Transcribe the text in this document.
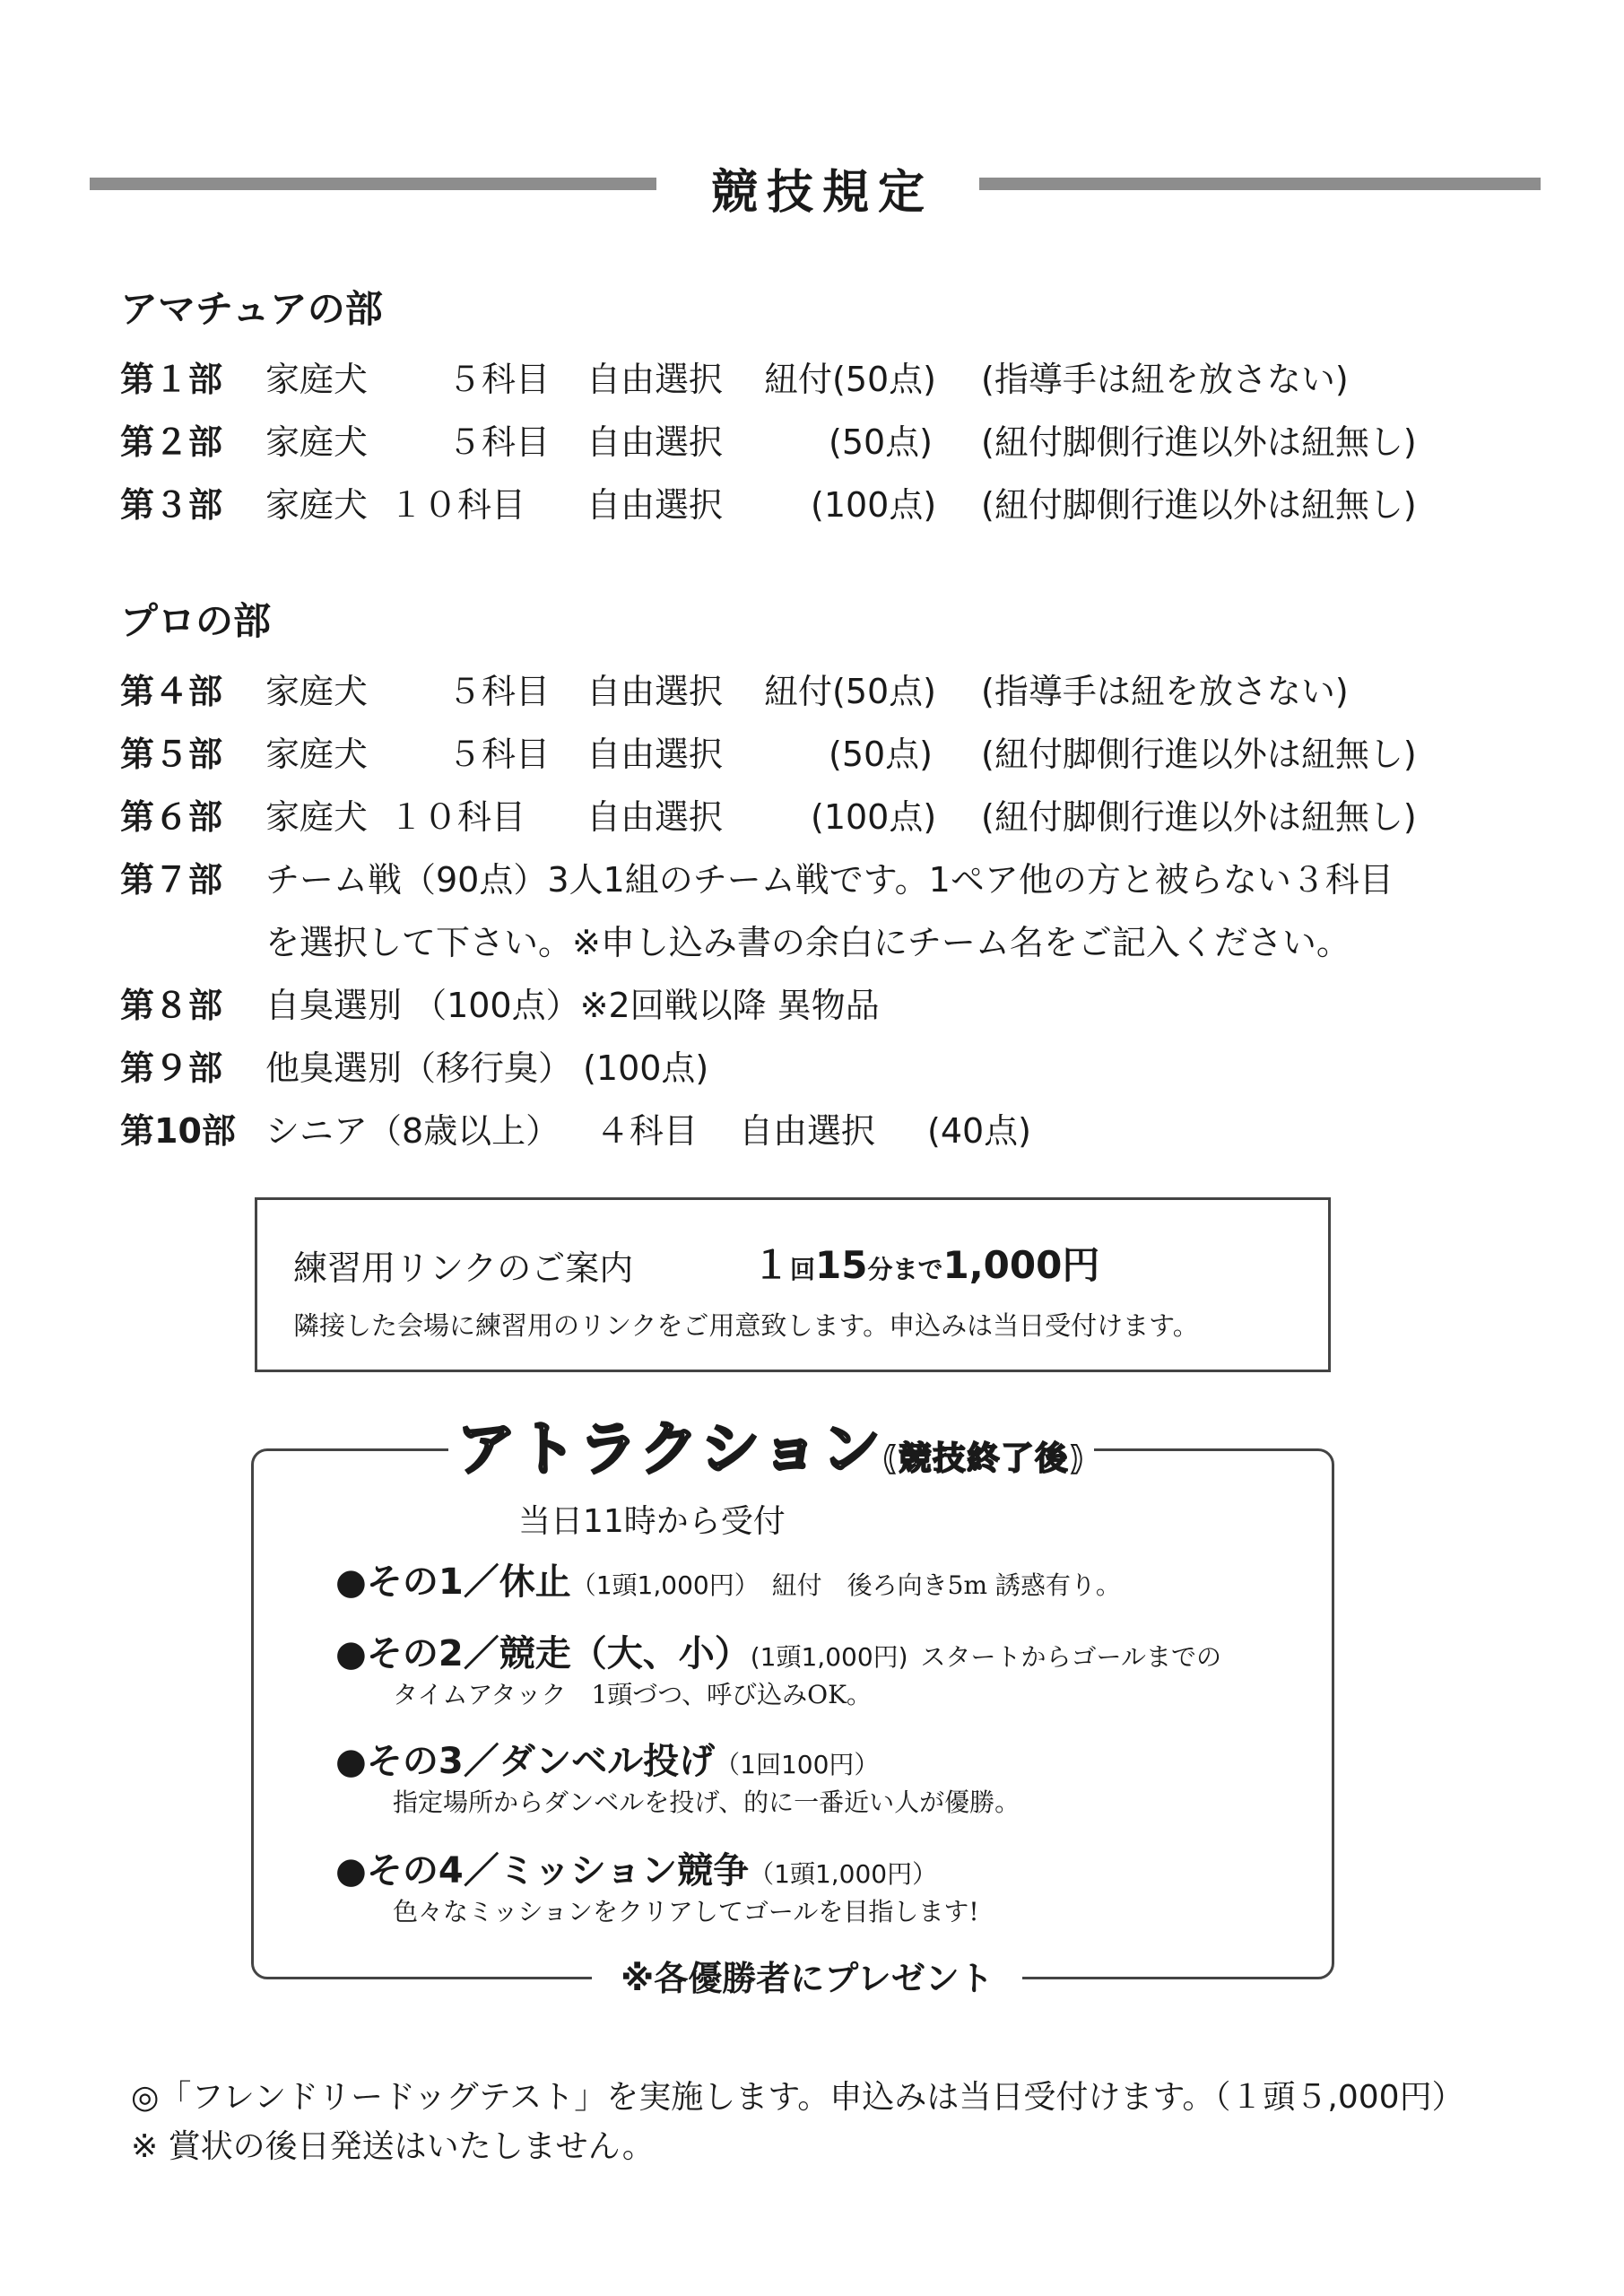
競技規定
アマチュアの部
第１部 家庭犬 ５科目 自由選択 紐付(50点) (指導手は紐を放さない)
第２部 家庭犬 ５科目 自由選択	(50点) (紐付脚側行進以外は紐無し)
第３部 家庭犬 １０科目 自由選択	(100点) (紐付脚側行進以外は紐無し)
プロの部
第４部 家庭犬 ５科目 自由選択 紐付(50点) (指導手は紐を放さない)
第５部 家庭犬 ５科目 自由選択	(50点) (紐付脚側行進以外は紐無し)
第６部 家庭犬 １０科目 自由選択	(100点) (紐付脚側行進以外は紐無し)
第７部 チーム戦（90点）3人1組のチーム戦です。1ペア他の方と被らない３科目
を選択して下さい。※申し込み書の余白にチーム名をご記入ください。
第８部 自臭選別 （100点）※2回戦以降 異物品
第９部 他臭選別（移行臭） (100点)
第10部 シニア（8歳以上） ４科目 自由選択 (40点)
練習用リンクのご案内	１回15分まで1,000円
隣接した会場に練習用のリンクをご用意致します。申込みは当日受付けます。
アトラクション(競技終了後)
当日11時から受付
●その1／休止（1頭1,000円） 紐付　後ろ向き5m 誘惑有り。
●その2／競走（大、小）(1頭1,000円) スタートからゴールまでの
タイムアタック　1頭づつ、呼び込みOK。
●その3／ダンベル投げ（1回100円）
指定場所からダンベルを投げ、的に一番近い人が優勝。
●その4／ミッション競争（1頭1,000円）
色々なミッションをクリアしてゴールを目指します!
※各優勝者にプレゼント
◎「フレンドリードッグテスト」を実施します。申込みは当日受付けます。（１頭５,000円）
※ 賞状の後日発送はいたしません。
